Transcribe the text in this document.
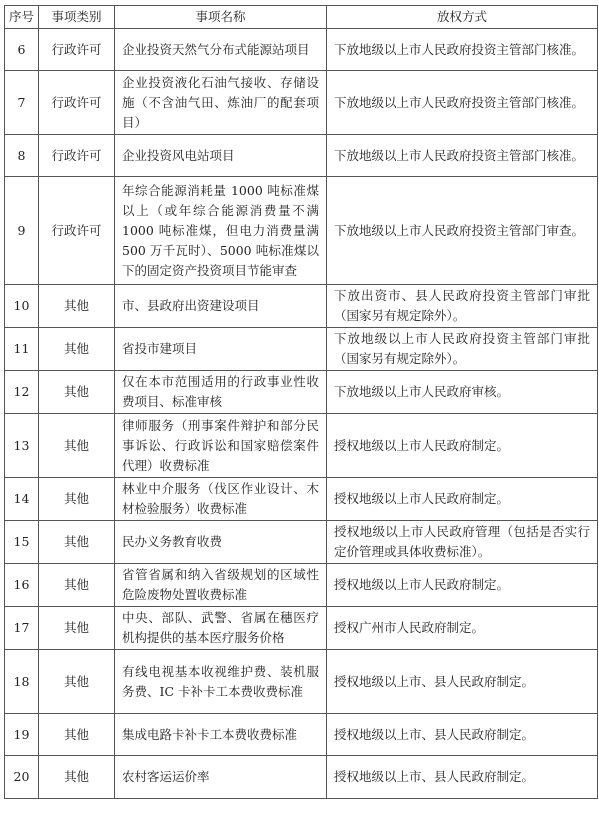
序号	事项类别	事项名称	放权方式
6	行政许可	企业投资天然气分布式能源站项目	下放地级以上市人民政府投资主管部门核准。
7	行政许可	企业投资液化石油气接收、存储设施（不含油气田、炼油厂的配套项目）	下放地级以上市人民政府投资主管部门核准。
8	行政许可	企业投资风电站项目	下放地级以上市人民政府投资主管部门核准。
9	行政许可	年综合能源消耗量 1000 吨标准煤以上（或年综合能源消费量不满 1000 吨标准煤，但电力消费量满 500 万千瓦时）、5000 吨标准煤以下的固定资产投资项目节能审查	下放地级以上市人民政府投资主管部门审查。
10	其他	市、县政府出资建设项目	下放出资市、县人民政府投资主管部门审批（国家另有规定除外）。
11	其他	省投市建项目	下放地级以上市人民政府投资主管部门审批（国家另有规定除外）。
12	其他	仅在本市范围适用的行政事业性收费项目、标准审核	下放地级以上市人民政府审核。
13	其他	律师服务（刑事案件辩护和部分民事诉讼、行政诉讼和国家赔偿案件代理）收费标准	授权地级以上市人民政府制定。
14	其他	林业中介服务（伐区作业设计、木材检验服务）收费标准	授权地级以上市人民政府制定。
15	其他	民办义务教育收费	授权地级以上市人民政府管理（包括是否实行定价管理或具体收费标准）。
16	其他	省管省属和纳入省级规划的区域性危险废物处置收费标准	授权地级以上市人民政府制定。
17	其他	中央、部队、武警、省属在穗医疗机构提供的基本医疗服务价格	授权广州市人民政府制定。
18	其他	有线电视基本收视维护费、装机服务费、IC 卡补卡工本费收费标准	授权地级以上市、县人民政府制定。
19	其他	集成电路卡补卡工本费收费标准	授权地级以上市、县人民政府制定。
20	其他	农村客运运价率	授权地级以上市、县人民政府制定。
